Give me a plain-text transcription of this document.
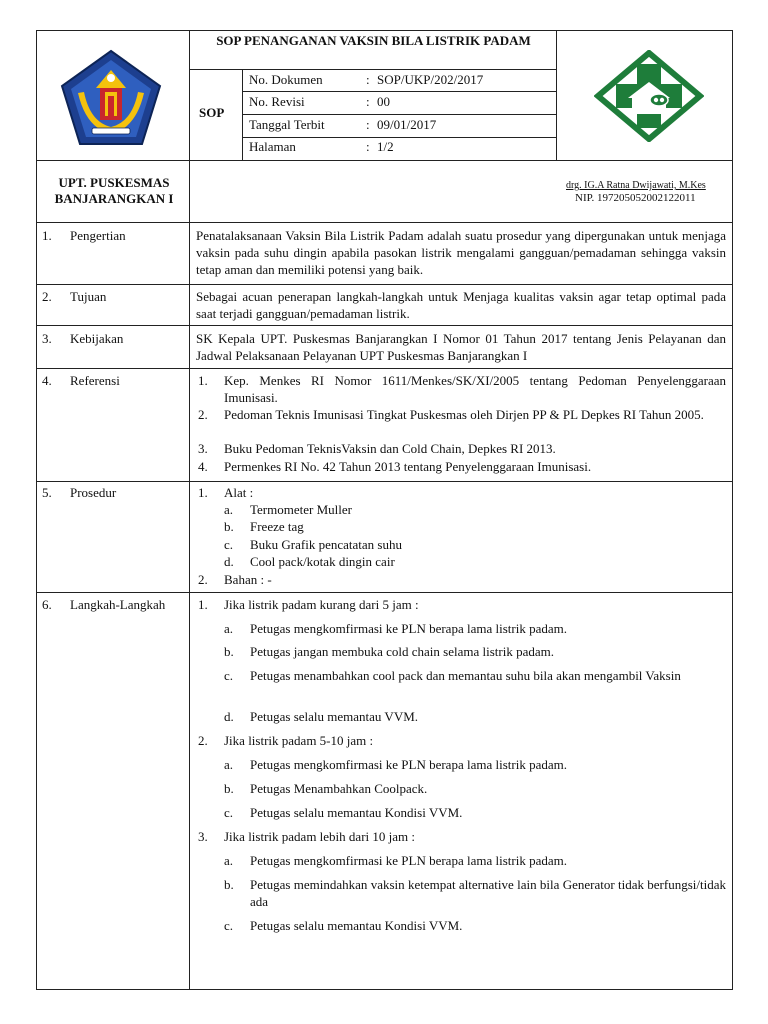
SOP PENANGANAN VAKSIN BILA LISTRIK PADAM
SOP
No. Dokumen	: SOP/UKP/202/2017
No. Revisi	: 00
Tanggal Terbit	: 09/01/2017
Halaman	: 1/2
UPT. PUSKESMAS BANJARANGKAN I
drg. IG.A Ratna Dwijawati, M.Kes
NIP. 197205052002122011
1. Pengertian	Penatalaksanaan Vaksin Bila Listrik Padam adalah suatu prosedur yang dipergunakan untuk menjaga vaksin pada suhu dingin apabila pasokan listrik mengalami gangguan/pemadaman sehingga vaksin tetap aman dan memiliki potensi yang baik.
2. Tujuan	Sebagai acuan penerapan langkah-langkah untuk Menjaga kualitas vaksin agar tetap optimal pada saat terjadi gangguan/pemadaman listrik.
3. Kebijakan	SK Kepala UPT. Puskesmas Banjarangkan I Nomor 01 Tahun 2017 tentang Jenis Pelayanan dan Jadwal Pelaksanaan Pelayanan UPT Puskesmas Banjarangkan I
4. Referensi	1. Kep. Menkes RI Nomor 1611/Menkes/SK/XI/2005 tentang Pedoman Penyelenggaraan Imunisasi.
2. Pedoman Teknis Imunisasi Tingkat Puskesmas oleh Dirjen PP & PL Depkes RI Tahun 2005.
3. Buku Pedoman TeknisVaksin dan Cold Chain, Depkes RI 2013.
4. Permenkes RI No. 42 Tahun 2013 tentang Penyelenggaraan Imunisasi.
5. Prosedur	1. Alat :
a. Termometer Muller
b. Freeze tag
c. Buku Grafik pencatatan suhu
d. Cool pack/kotak dingin cair
2. Bahan : -
6. Langkah-Langkah	1. Jika listrik padam kurang dari 5 jam :
a. Petugas mengkomfirmasi ke PLN berapa lama listrik padam.
b. Petugas jangan membuka cold chain selama listrik padam.
c. Petugas menambahkan cool pack dan memantau suhu bila akan mengambil Vaksin
d. Petugas selalu memantau VVM.
2. Jika listrik padam 5-10 jam :
a. Petugas mengkomfirmasi ke PLN berapa lama listrik padam.
b. Petugas Menambahkan Coolpack.
c. Petugas selalu memantau Kondisi VVM.
3. Jika listrik padam lebih dari 10 jam :
a. Petugas mengkomfirmasi ke PLN berapa lama listrik padam.
b. Petugas memindahkan vaksin ketempat alternative lain bila Generator tidak berfungsi/tidak ada
c. Petugas selalu memantau Kondisi VVM.
